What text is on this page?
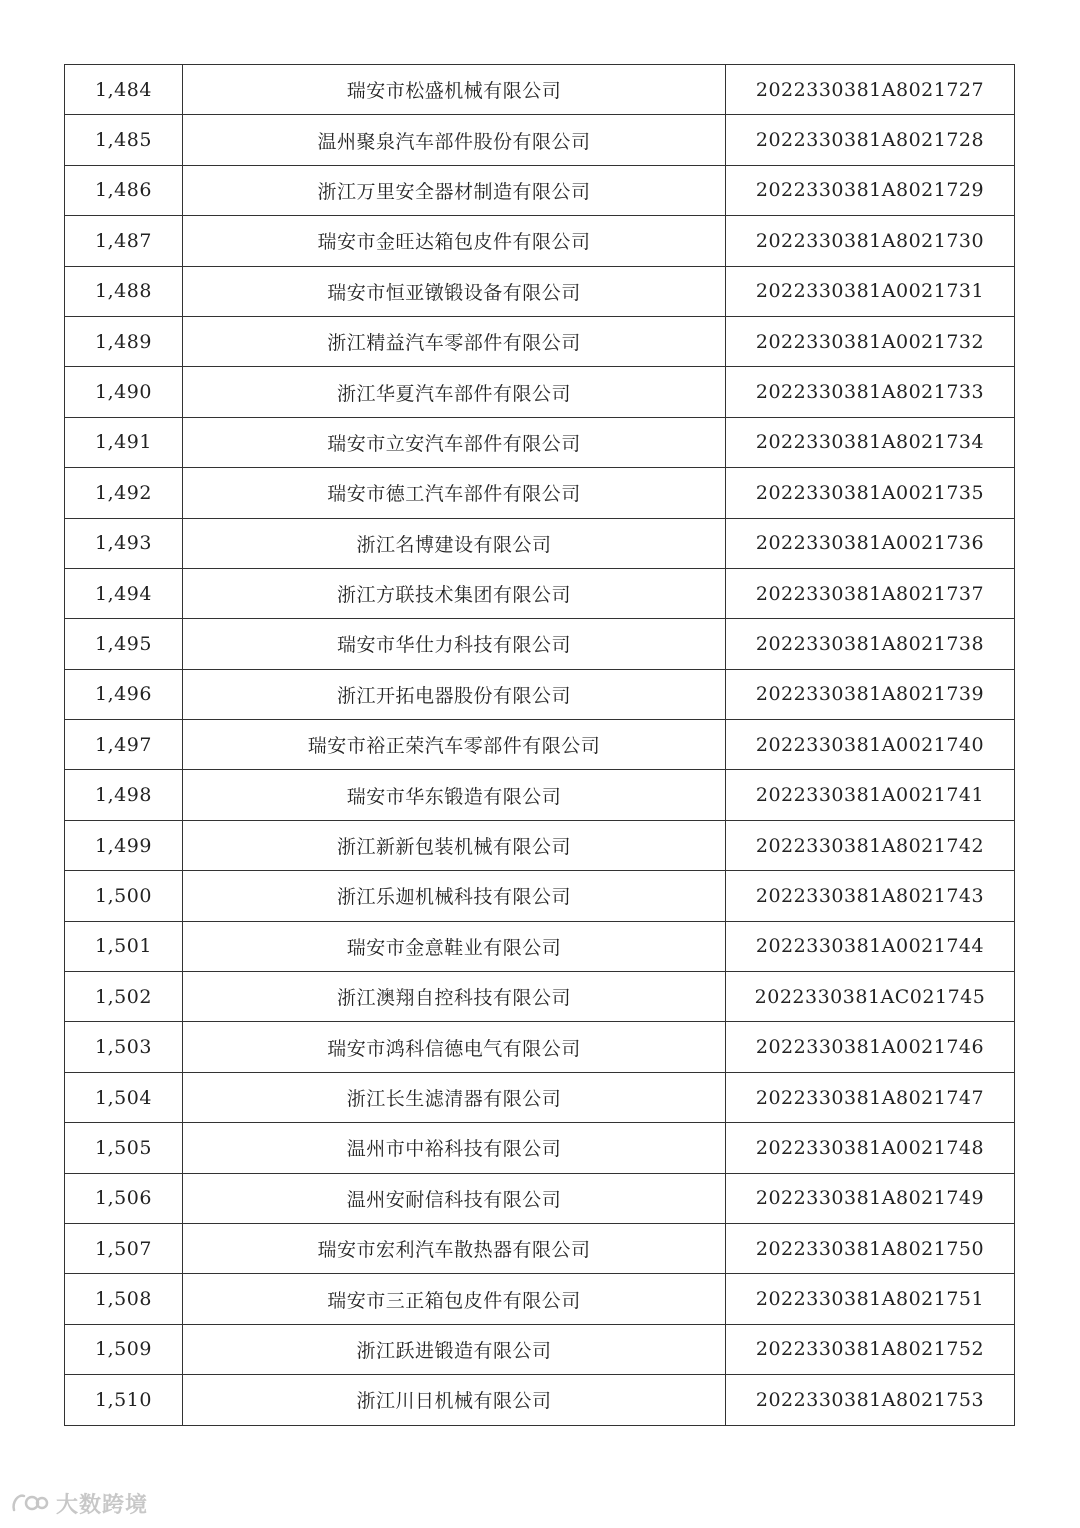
1,484	瑞安市松盛机械有限公司	2022330381A8021727
1,485	温州聚泉汽车部件股份有限公司	2022330381A8021728
1,486	浙江万里安全器材制造有限公司	2022330381A8021729
1,487	瑞安市金旺达箱包皮件有限公司	2022330381A8021730
1,488	瑞安市恒亚镦锻设备有限公司	2022330381A0021731
1,489	浙江精益汽车零部件有限公司	2022330381A0021732
1,490	浙江华夏汽车部件有限公司	2022330381A8021733
1,491	瑞安市立安汽车部件有限公司	2022330381A8021734
1,492	瑞安市德工汽车部件有限公司	2022330381A0021735
1,493	浙江名博建设有限公司	2022330381A0021736
1,494	浙江方联技术集团有限公司	2022330381A8021737
1,495	瑞安市华仕力科技有限公司	2022330381A8021738
1,496	浙江开拓电器股份有限公司	2022330381A8021739
1,497	瑞安市裕正荣汽车零部件有限公司	2022330381A0021740
1,498	瑞安市华东锻造有限公司	2022330381A0021741
1,499	浙江新新包装机械有限公司	2022330381A8021742
1,500	浙江乐迦机械科技有限公司	2022330381A8021743
1,501	瑞安市金意鞋业有限公司	2022330381A0021744
1,502	浙江澳翔自控科技有限公司	2022330381AC021745
1,503	瑞安市鸿科信德电气有限公司	2022330381A0021746
1,504	浙江长生滤清器有限公司	2022330381A8021747
1,505	温州市中裕科技有限公司	2022330381A0021748
1,506	温州安耐信科技有限公司	2022330381A8021749
1,507	瑞安市宏利汽车散热器有限公司	2022330381A8021750
1,508	瑞安市三正箱包皮件有限公司	2022330381A8021751
1,509	浙江跃进锻造有限公司	2022330381A8021752
1,510	浙江川日机械有限公司	2022330381A8021753
大数跨境
